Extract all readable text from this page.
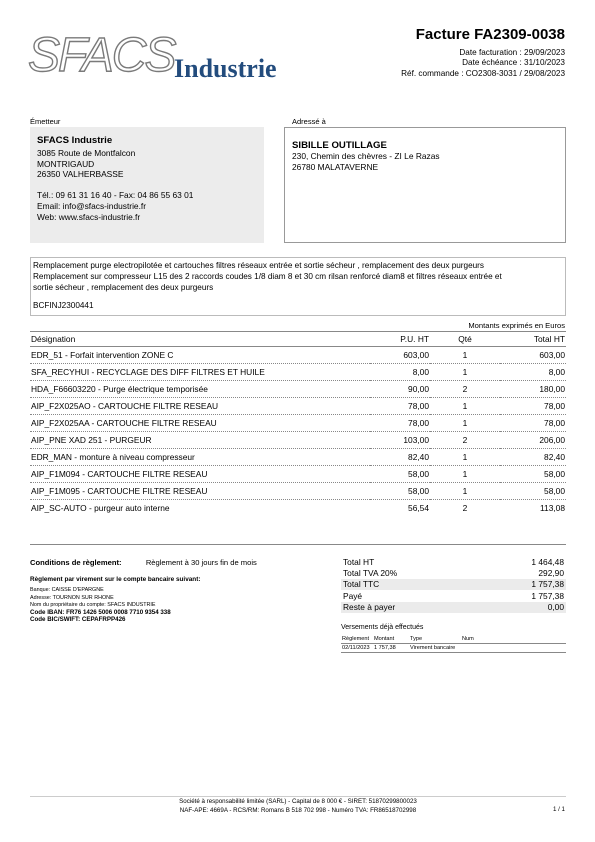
SFACS Industrie
Facture FA2309-0038
Date facturation : 29/09/2023
Date échéance : 31/10/2023
Réf. commande : CO2308-3031 / 29/08/2023
Émetteur
SFACS Industrie
3085 Route de Montfalcon
MONTRIGAUD
26350 VALHERBASSE
Tél.: 09 61 31 16 40 - Fax: 04 86 55 63 01
Email: info@sfacs-industrie.fr
Web: www.sfacs-industrie.fr
Adressé à
SIBILLE OUTILLAGE
230, Chemin des chèvres - ZI Le Razas
26780 MALATAVERNE
Remplacement purge electropilotée et cartouches filtres réseaux entrée et sortie sécheur , remplacement des deux purgeurs
Remplacement sur compresseur L15 des 2 raccords coudes 1/8 diam 8 et 30 cm rilsan renforcé diam8 et filtres réseaux entrée et
sortie sécheur , remplacement des deux purgeurs
BCFINJ2300441
Montants exprimés en Euros
Désignation	P.U. HT	Qté	Total HT
EDR_51 - Forfait intervention ZONE C	603,00	1	603,00
SFA_RECYHUI - RECYCLAGE DES DIFF FILTRES ET HUILE	8,00	1	8,00
HDA_F66603220 - Purge électrique temporisée	90,00	2	180,00
AIP_F2X025AO - CARTOUCHE FILTRE RESEAU	78,00	1	78,00
AIP_F2X025AA - CARTOUCHE FILTRE RESEAU	78,00	1	78,00
AIP_PNE XAD 251 - PURGEUR	103,00	2	206,00
EDR_MAN - monture à niveau compresseur	82,40	1	82,40
AIP_F1M094 - CARTOUCHE FILTRE RESEAU	58,00	1	58,00
AIP_F1M095 - CARTOUCHE FILTRE RESEAU	58,00	1	58,00
AIP_SC-AUTO - purgeur auto interne	56,54	2	113,08
Conditions de règlement:	Règlement à 30 jours fin de mois
Règlement par virement sur le compte bancaire suivant:
Banque: CAISSE D'EPARGNE
Adresse: TOURNON SUR RHONE
Nom du propriétaire du compte: SFACS INDUSTRIE
Code IBAN: FR76 1426 5006 0008 7710 9354 338
Code BIC/SWIFT: CEPAFRPP426
Total HT	1 464,48
Total TVA 20%	292,90
Total TTC	1 757,38
Payé	1 757,38
Reste à payer	0,00
Versements déjà effectués
Règlement	Montant	Type	Num
02/11/2023	1 757,38	Virement bancaire	
Société à responsabilité limitée (SARL) - Capital de 8 000 € - SIRET: 51870299800023
NAF-APE: 4669A - RCS/RM: Romans B 518 702 998 - Numéro TVA: FR86518702998	1 / 1
